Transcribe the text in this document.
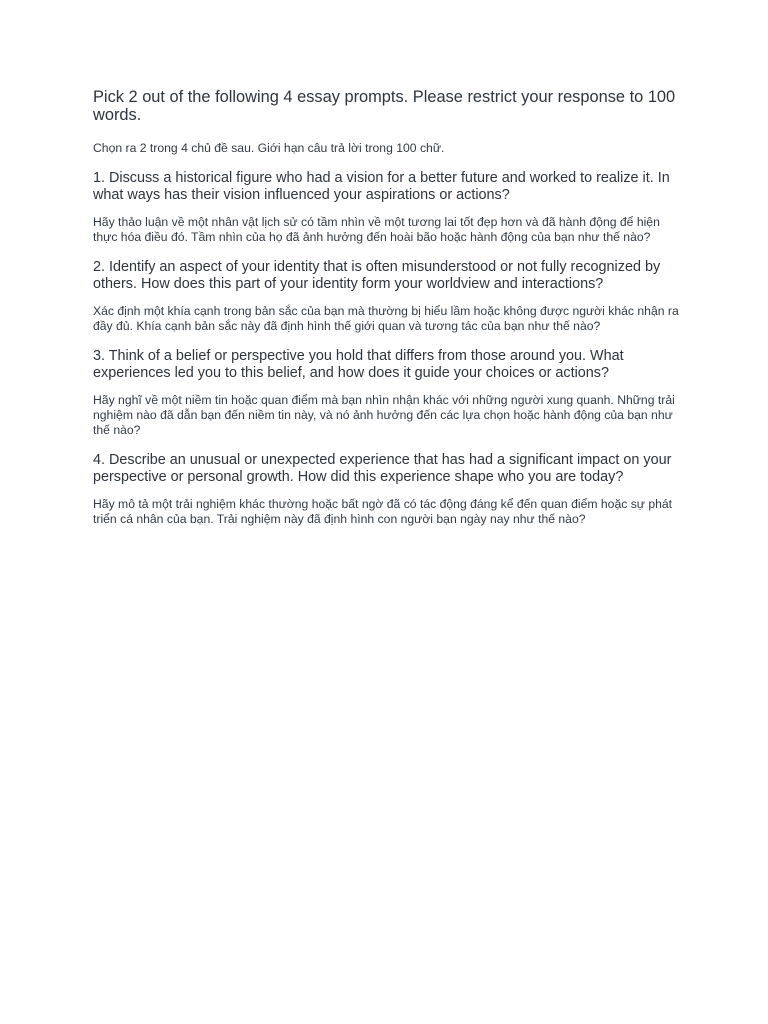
Pick 2 out of the following 4 essay prompts. Please restrict your response to 100 words.

Chọn ra 2 trong 4 chủ đề sau. Giới hạn câu trả lời trong 100 chữ.

1. Discuss a historical figure who had a vision for a better future and worked to realize it. In what ways has their vision influenced your aspirations or actions?

Hãy thảo luận về một nhân vật lịch sử có tầm nhìn về một tương lai tốt đẹp hơn và đã hành động để hiện thực hóa điều đó. Tầm nhìn của họ đã ảnh hưởng đến hoài bão hoặc hành động của bạn như thế nào?

2. Identify an aspect of your identity that is often misunderstood or not fully recognized by others. How does this part of your identity form your worldview and interactions?

Xác định một khía cạnh trong bản sắc của bạn mà thường bị hiểu lầm hoặc không được người khác nhận ra đầy đủ. Khía cạnh bản sắc này đã định hình thế giới quan và tương tác của bạn như thế nào?

3. Think of a belief or perspective you hold that differs from those around you. What experiences led you to this belief, and how does it guide your choices or actions?

Hãy nghĩ về một niềm tin hoặc quan điểm mà bạn nhìn nhận khác với những người xung quanh. Những trải nghiệm nào đã dẫn bạn đến niềm tin này, và nó ảnh hưởng đến các lựa chọn hoặc hành động của bạn như thế nào?

4. Describe an unusual or unexpected experience that has had a significant impact on your perspective or personal growth. How did this experience shape who you are today?

Hãy mô tả một trải nghiệm khác thường hoặc bất ngờ đã có tác động đáng kể đến quan điểm hoặc sự phát triển cá nhân của bạn. Trải nghiệm này đã định hình con người bạn ngày nay như thế nào?
